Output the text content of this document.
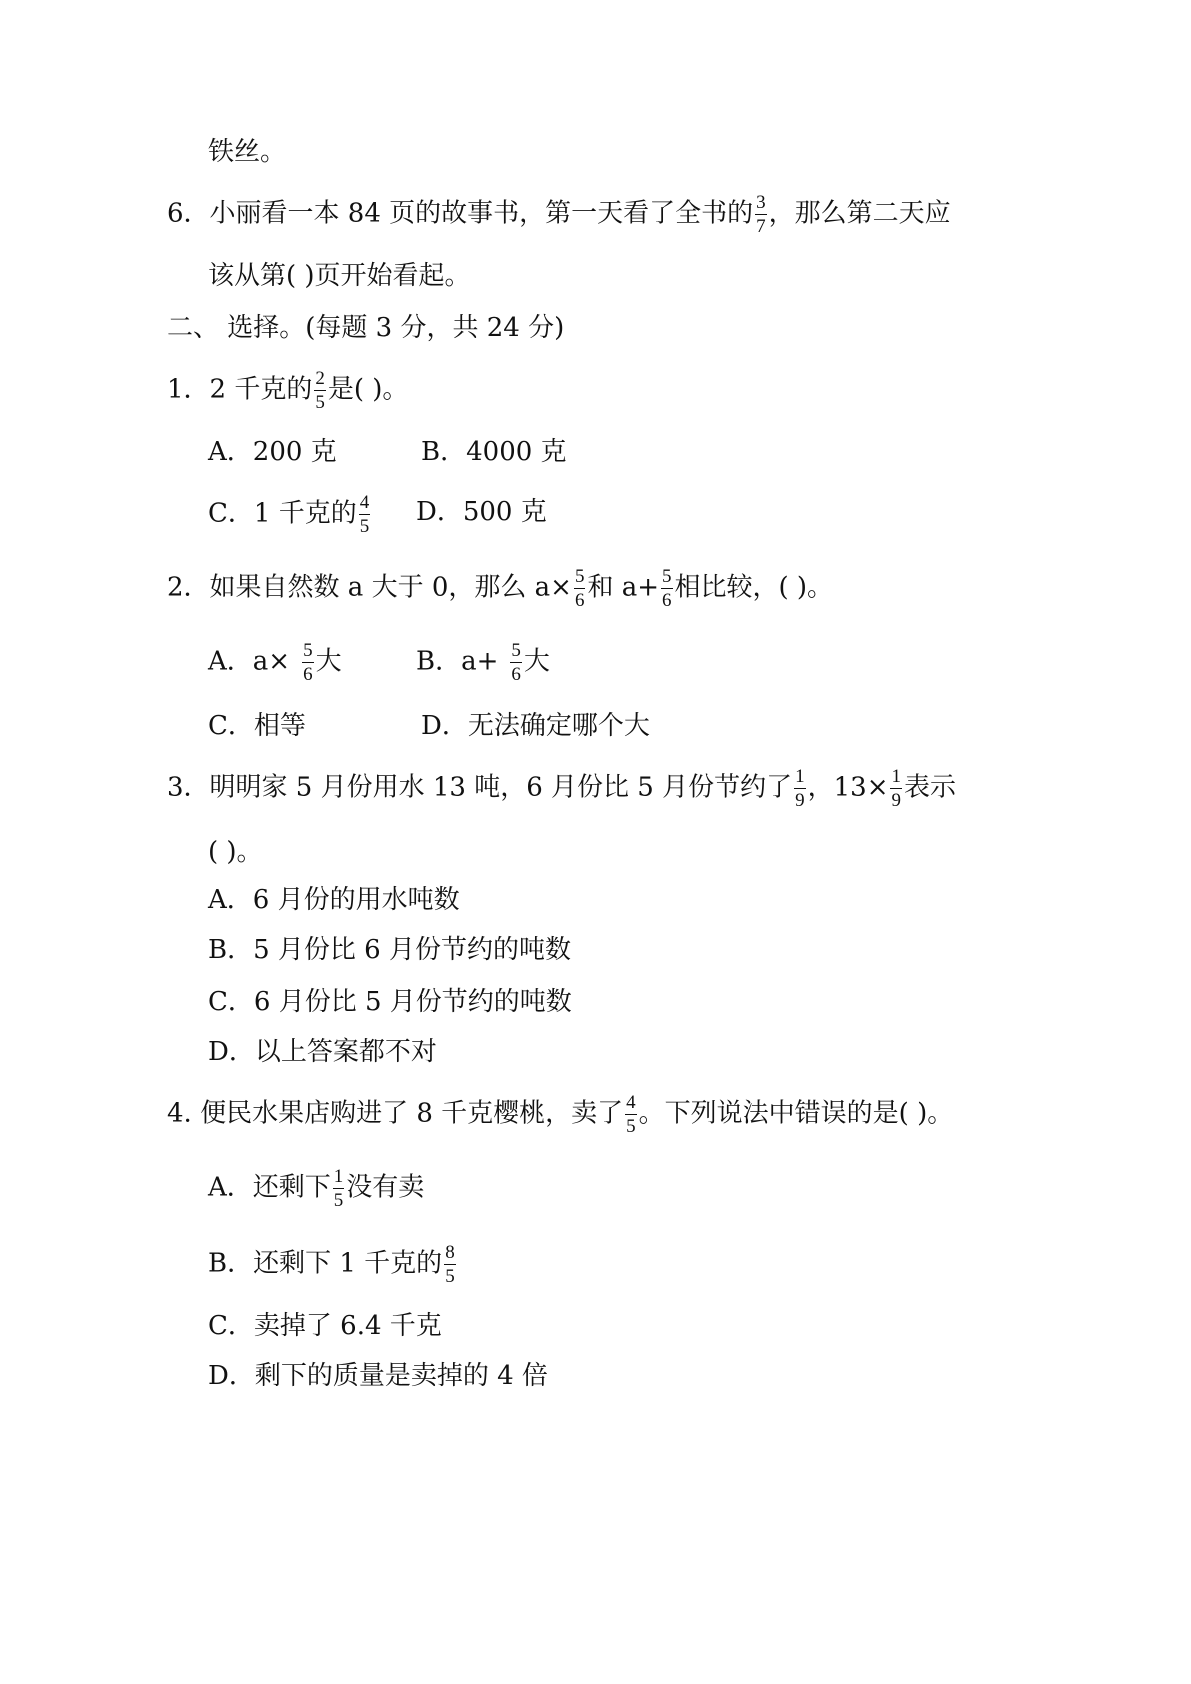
铁丝。
6．小丽看一本 84 页的故事书，第一天看了全书的 $\frac{3}{7}$ ，那么第二天应
该从第( )页开始看起。
二、 选择。(每题 3 分，共 24 分)
1．2 千克的 $\frac{2}{5}$ 是( )。
A．200 克	B．4000 克
C．1 千克的 $\frac{4}{5}$ D．500 克
2．如果自然数 a 大于 0，那么 $a\times \frac{5}{6}$ 和 $a+ \frac{5}{6}$ 相比较，( )。
A．$a\times \frac{5}{6}$ 大	B．$a+ \frac{5}{6}$ 大
C．相等	D．无法确定哪个大
3．明明家 5 月份用水 13 吨，6 月份比 5 月份节约了 $\frac{1}{9}$ ，$13\times \frac{1}{9}$ 表示
( )。
A．6 月份的用水吨数
B．5 月份比 6 月份节约的吨数
C．6 月份比 5 月份节约的吨数
D．以上答案都不对
4. 便民水果店购进了 8 千克樱桃，卖了 $\frac{4}{5}$ 。下列说法中错误的是( )。
A．还剩下 $\frac{1}{5}$ 没有卖
B．还剩下 1 千克的 $\frac{8}{5}$
C．卖掉了 6.4 千克
D．剩下的质量是卖掉的 4 倍
